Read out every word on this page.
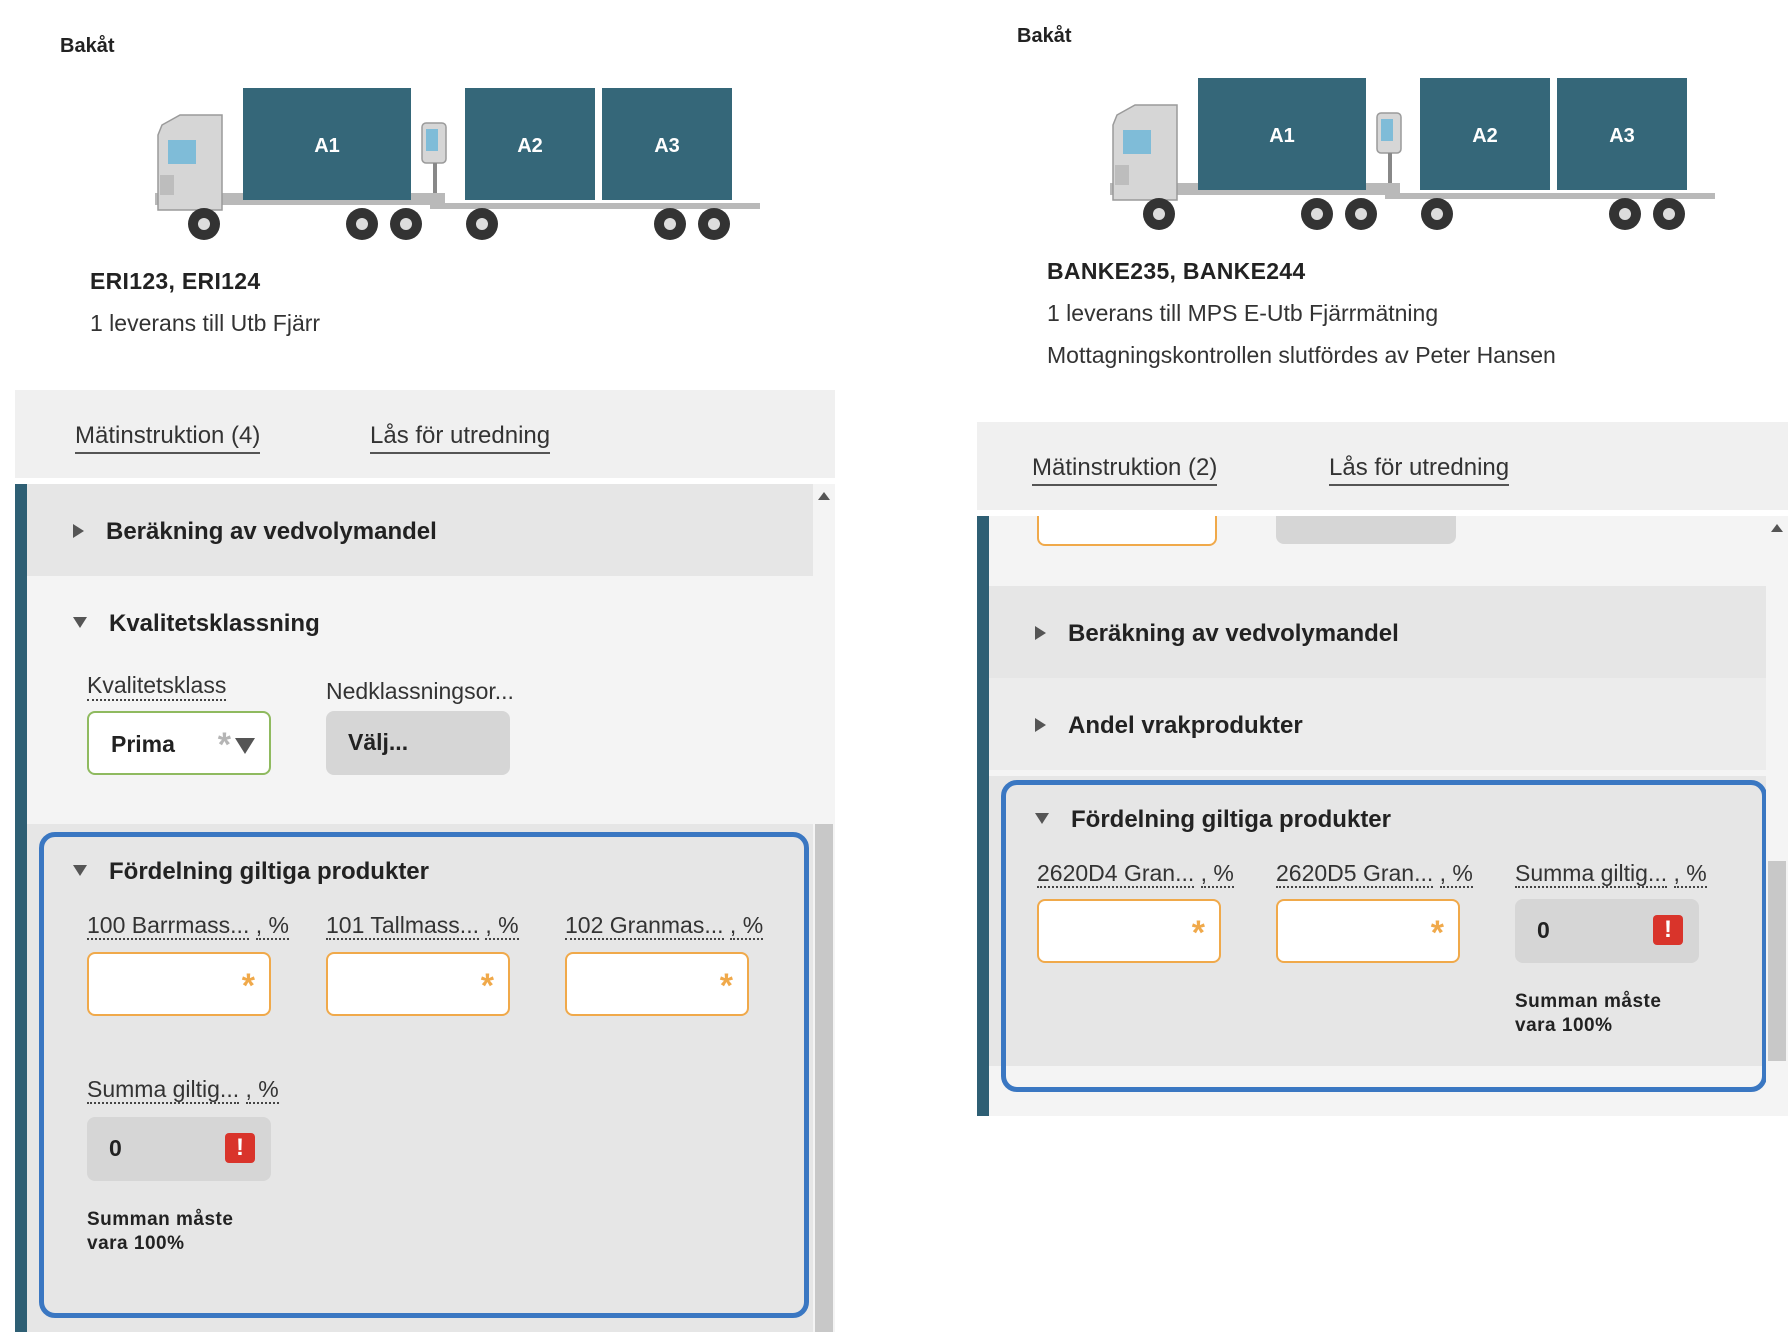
Bakåt
A1	A2	A3
ERI123, ERI124
1 leverans till Utb Fjärr
Mätinstruktion (4)	Lås för utredning
Beräkning av vedvolymandel
Kvalitetsklassning
Kvalitetsklass	Nedklassningsor...
Prima *	Välj...
Fördelning giltiga produkter
100 Barrmass... , % 101 Tallmass... , % 102 Granmas... , %
*	*	*
Summa giltig... , %
0	!
Summan måste vara 100%
Bakåt
A1	A2	A3
BANKE235, BANKE244
1 leverans till MPS E-Utb Fjärrmätning
Mottagningskontrollen slutfördes av Peter Hansen
Mätinstruktion (2)	Lås för utredning
Beräkning av vedvolymandel
Andel vrakprodukter
Fördelning giltiga produkter
2620D4 Gran... , % 2620D5 Gran... , % Summa giltig... , %
*	*	0	!
Summan måste vara 100%
